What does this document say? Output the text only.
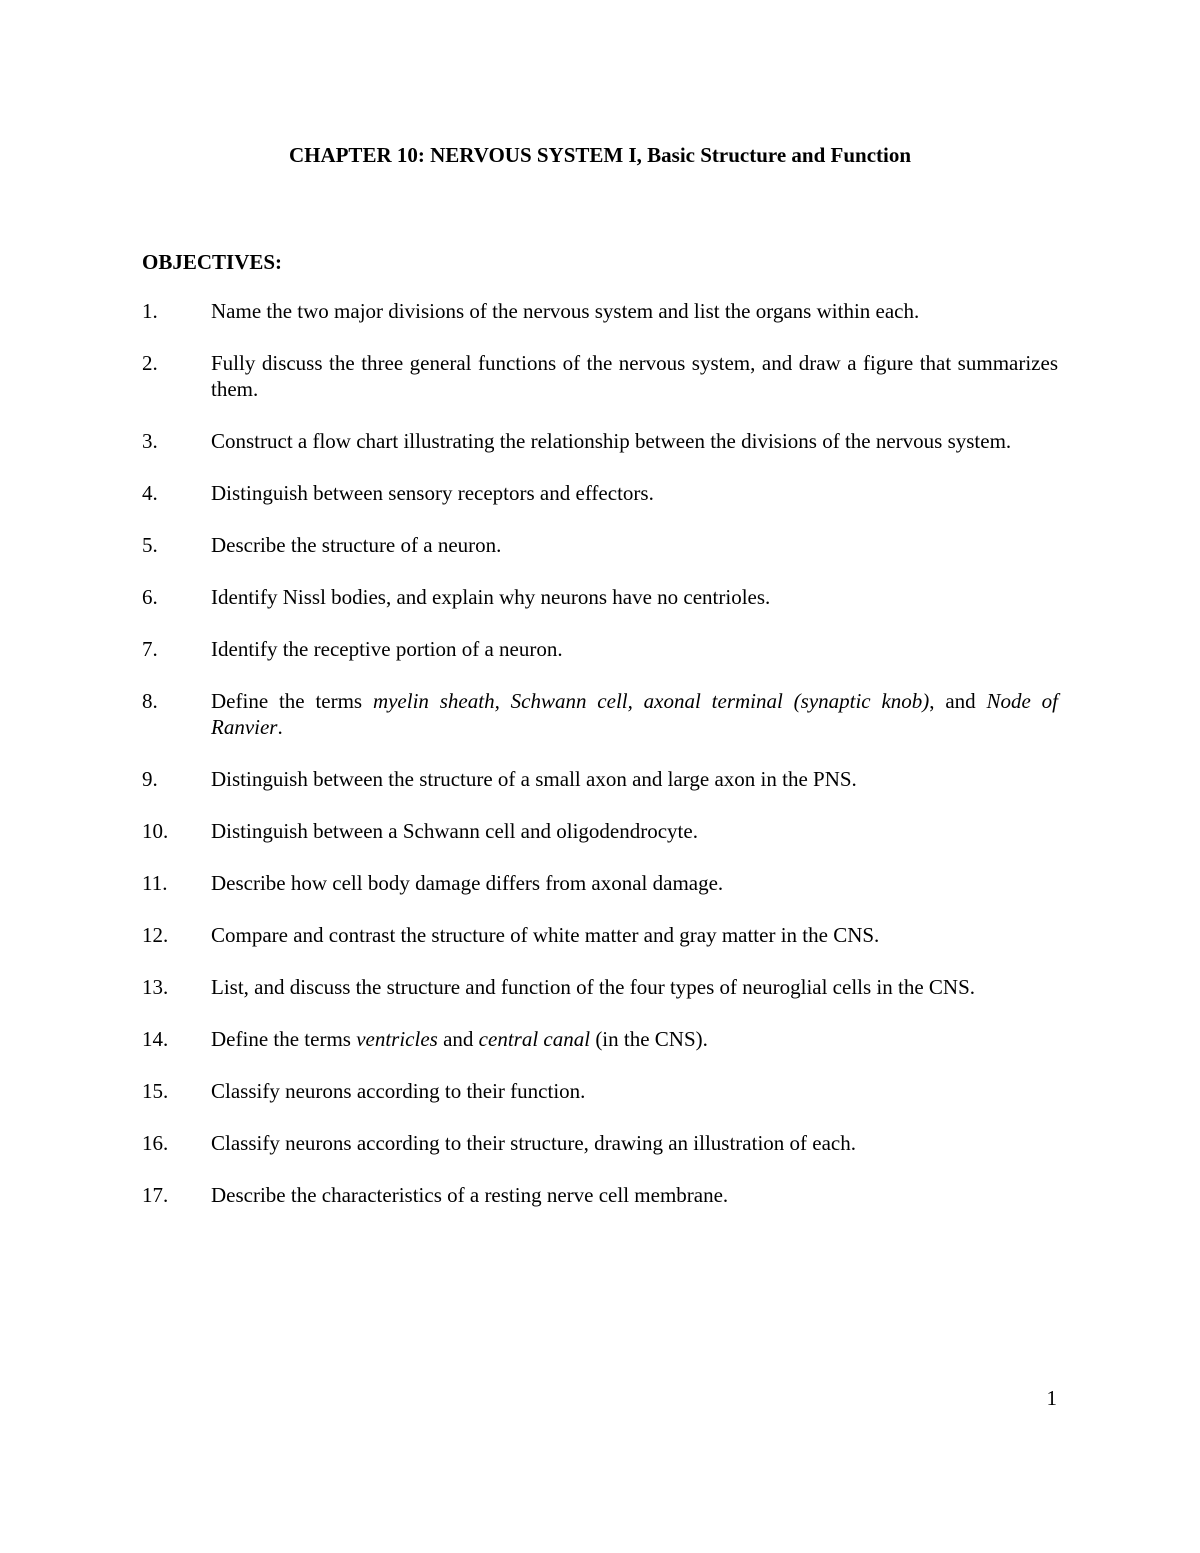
CHAPTER 10: NERVOUS SYSTEM I, Basic Structure and Function
OBJECTIVES:
1.	Name the two major divisions of the nervous system and list the organs within each.
2.	Fully discuss the three general functions of the nervous system, and draw a figure that summarizes them.
3.	Construct a flow chart illustrating the relationship between the divisions of the nervous system.
4.	Distinguish between sensory receptors and effectors.
5.	Describe the structure of a neuron.
6.	Identify Nissl bodies, and explain why neurons have no centrioles.
7.	Identify the receptive portion of a neuron.
8.	Define the terms myelin sheath, Schwann cell, axonal terminal (synaptic knob), and Node of Ranvier.
9.	Distinguish between the structure of a small axon and large axon in the PNS.
10.	Distinguish between a Schwann cell and oligodendrocyte.
11.	Describe how cell body damage differs from axonal damage.
12.	Compare and contrast the structure of white matter and gray matter in the CNS.
13.	List, and discuss the structure and function of the four types of neuroglial cells in the CNS.
14.	Define the terms ventricles and central canal (in the CNS).
15.	Classify neurons according to their function.
16.	Classify neurons according to their structure, drawing an illustration of each.
17.	Describe the characteristics of a resting nerve cell membrane.
1
